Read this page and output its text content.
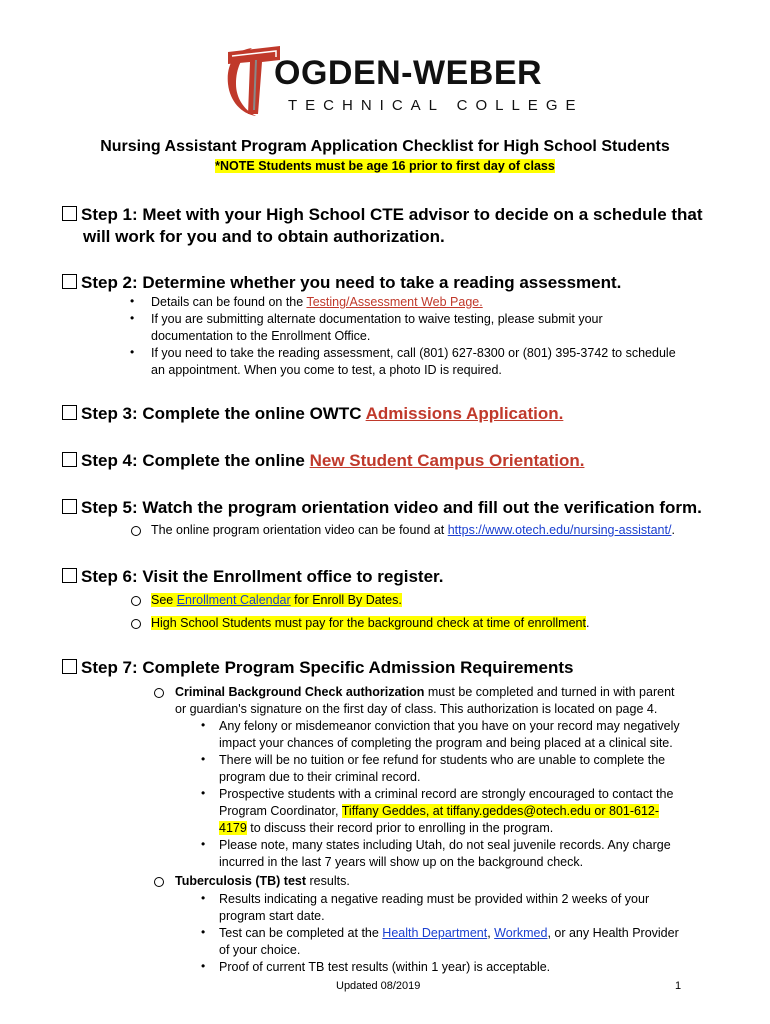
OGDEN-WEBER
TECHNICAL COLLEGE
Nursing Assistant Program Application Checklist for High School Students
*NOTE Students must be age 16 prior to first day of class
Step 1: Meet with your High School CTE advisor to decide on a schedule that
will work for you and to obtain authorization.
Step 2: Determine whether you need to take a reading assessment.
• Details can be found on the Testing/Assessment Web Page.
• If you are submitting alternate documentation to waive testing, please submit your
documentation to the Enrollment Office.
• If you need to take the reading assessment, call (801) 627-8300 or (801) 395-3742 to schedule
an appointment. When you come to test, a photo ID is required.
Step 3: Complete the online OWTC Admissions Application.
Step 4: Complete the online New Student Campus Orientation.
Step 5: Watch the program orientation video and fill out the verification form.
The online program orientation video can be found at https://www.otech.edu/nursing-assistant/.
Step 6: Visit the Enrollment office to register.
See Enrollment Calendar for Enroll By Dates.
High School Students must pay for the background check at time of enrollment.
Step 7: Complete Program Specific Admission Requirements
Criminal Background Check authorization must be completed and turned in with parent
or guardian's signature on the first day of class. This authorization is located on page 4.
• Any felony or misdemeanor conviction that you have on your record may negatively
impact your chances of completing the program and being placed at a clinical site.
• There will be no tuition or fee refund for students who are unable to complete the
program due to their criminal record.
• Prospective students with a criminal record are strongly encouraged to contact the
Program Coordinator, Tiffany Geddes, at tiffany.geddes@otech.edu or 801-612-
4179 to discuss their record prior to enrolling in the program.
• Please note, many states including Utah, do not seal juvenile records. Any charge
incurred in the last 7 years will show up on the background check.
Tuberculosis (TB) test results.
• Results indicating a negative reading must be provided within 2 weeks of your
program start date.
• Test can be completed at the Health Department, Workmed, or any Health Provider
of your choice.
• Proof of current TB test results (within 1 year) is acceptable.
Updated 08/2019	1
